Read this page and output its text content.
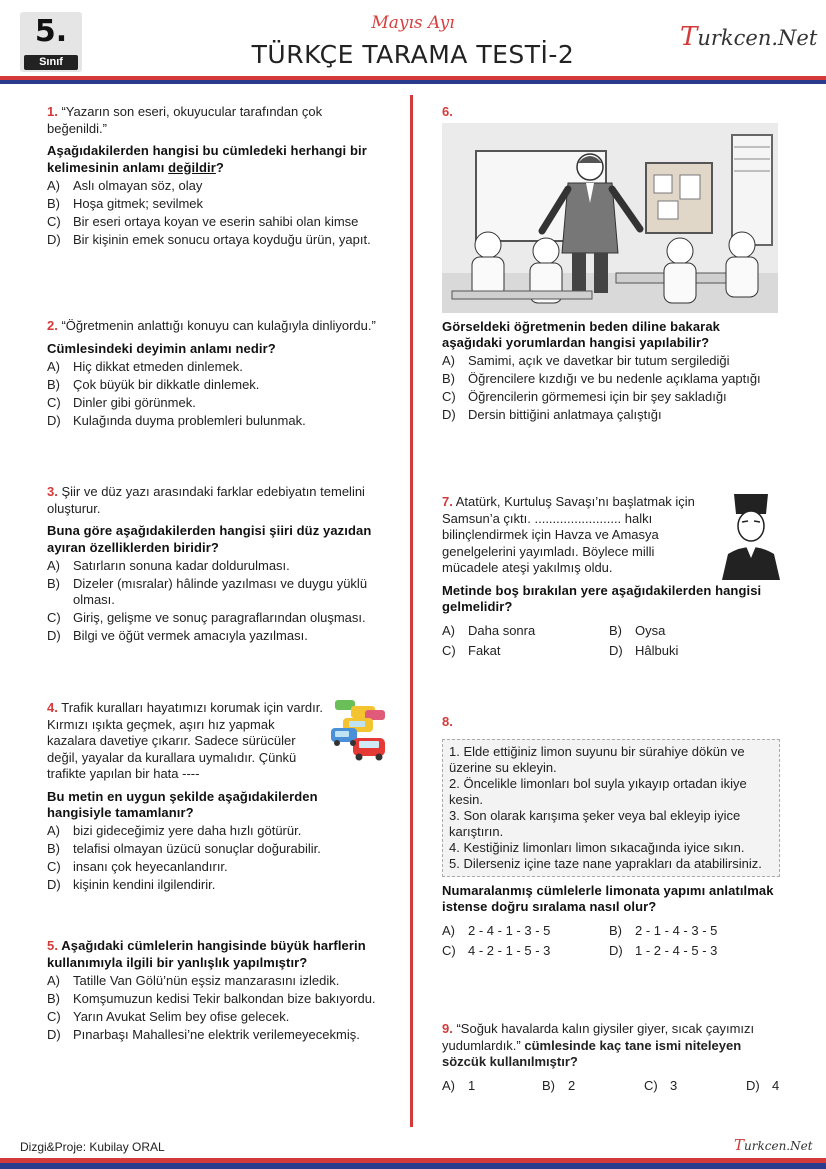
5.
Sınıf
Mayıs Ayı
TÜRKÇE TARAMA TESTİ-2
Turkcen.Net
1. “Yazarın son eseri, okuyucular tarafından çok beğenildi.”
Aşağıdakilerden hangisi bu cümledeki herhangi bir kelimesinin anlamı değildir?
A)	Aslı olmayan söz, olay
B)	Hoşa gitmek; sevilmek
C) Bir eseri ortaya koyan ve eserin sahibi olan kimse
D) Bir kişinin emek sonucu ortaya koyduğu ürün, yapıt.
2. “Öğretmenin anlattığı konuyu can kulağıyla dinliyordu.”
Cümlesindeki deyimin anlamı nedir?
A)	Hiç dikkat etmeden dinlemek.
B)	Çok büyük bir dikkatle dinlemek.
C) Dinler gibi görünmek.
D) Kulağında duyma problemleri bulunmak.
3. Şiir ve düz yazı arasındaki farklar edebiyatın temelini oluşturur.
Buna göre aşağıdakilerden hangisi şiiri düz yazıdan ayıran özelliklerden biridir?
A)	Satırların sonuna kadar doldurulması.
B)	Dizeler (mısralar) hâlinde yazılması ve duygu yüklü olması.
C) Giriş, gelişme ve sonuç paragraflarından oluşması.
D) Bilgi ve öğüt vermek amacıyla yazılması.
4. Trafik kuralları hayatımızı korumak için vardır. Kırmızı ışıkta geçmek, aşırı hız yapmak kazalara davetiye çıkarır. Sadece sürücüler değil, yayalar da kurallara uymalıdır. Çünkü trafikte yapılan bir hata ----
Bu metin en uygun şekilde aşağıdakilerden hangisiyle tamamlanır?
A)	bizi gideceğimiz yere daha hızlı götürür.
B)	telafisi olmayan üzücü sonuçlar doğurabilir.
C) insanı çok heyecanlandırır.
D) kişinin kendini ilgilendirir.
5. Aşağıdaki cümlelerin hangisinde büyük harflerin kullanımıyla ilgili bir yanlışlık yapılmıştır?
A)	Tatille Van Gölü’nün eşsiz manzarasını izledik.
B)	Komşumuzun kedisi Tekir balkondan bize bakıyordu.
C) Yarın Avukat Selim bey ofise gelecek.
D) Pınarbaşı Mahallesi’ne elektrik verilemeyecekmiş.
6.
Görseldeki öğretmenin beden diline bakarak aşağıdaki yorumlardan hangisi yapılabilir?
A)	Samimi, açık ve davetkar bir tutum sergilediği
B)	Öğrencilere kızdığı ve bu nedenle açıklama yaptığı
C) Öğrencilerin görmemesi için bir şey sakladığı
D) Dersin bittiğini anlatmaya çalıştığı
7. Atatürk, Kurtuluş Savaşı’nı başlatmak için Samsun’a çıktı. ........................ halkı bilinçlendirmek için Havza ve Amasya genelgelerini yayımladı. Böylece milli mücadele ateşi yakılmış oldu.
Metinde boş bırakılan yere aşağıdakilerden hangisi gelmelidir?
A)	Daha sonra	B)	Oysa
C) Fakat	D) Hâlbuki
8.
1. Elde ettiğiniz limon suyunu bir sürahiye dökün ve üzerine su ekleyin.
2. Öncelikle limonları bol suyla yıkayıp ortadan ikiye kesin.
3. Son olarak karışıma şeker veya bal ekleyip iyice karıştırın.
4. Kestiğiniz limonları limon sıkacağında iyice sıkın.
5. Dilerseniz içine taze nane yaprakları da atabilirsiniz.
Numaralanmış cümlelerle limonata yapımı anlatılmak istense doğru sıralama nasıl olur?
A)	2 - 4 - 1 - 3 - 5	B)	2 - 1 - 4 - 3 - 5
C) 4 - 2 - 1 - 5 - 3	D) 1 - 2 - 4 - 5 - 3
9. “Soğuk havalarda kalın giysiler giyer, sıcak çayımızı yudumlardık.” cümlesinde kaç tane ismi niteleyen sözcük kullanılmıştır?
A)	1	B)	2	C) 3	D) 4
Dizgi&Proje: Kubilay ORAL	Turkcen.Net
